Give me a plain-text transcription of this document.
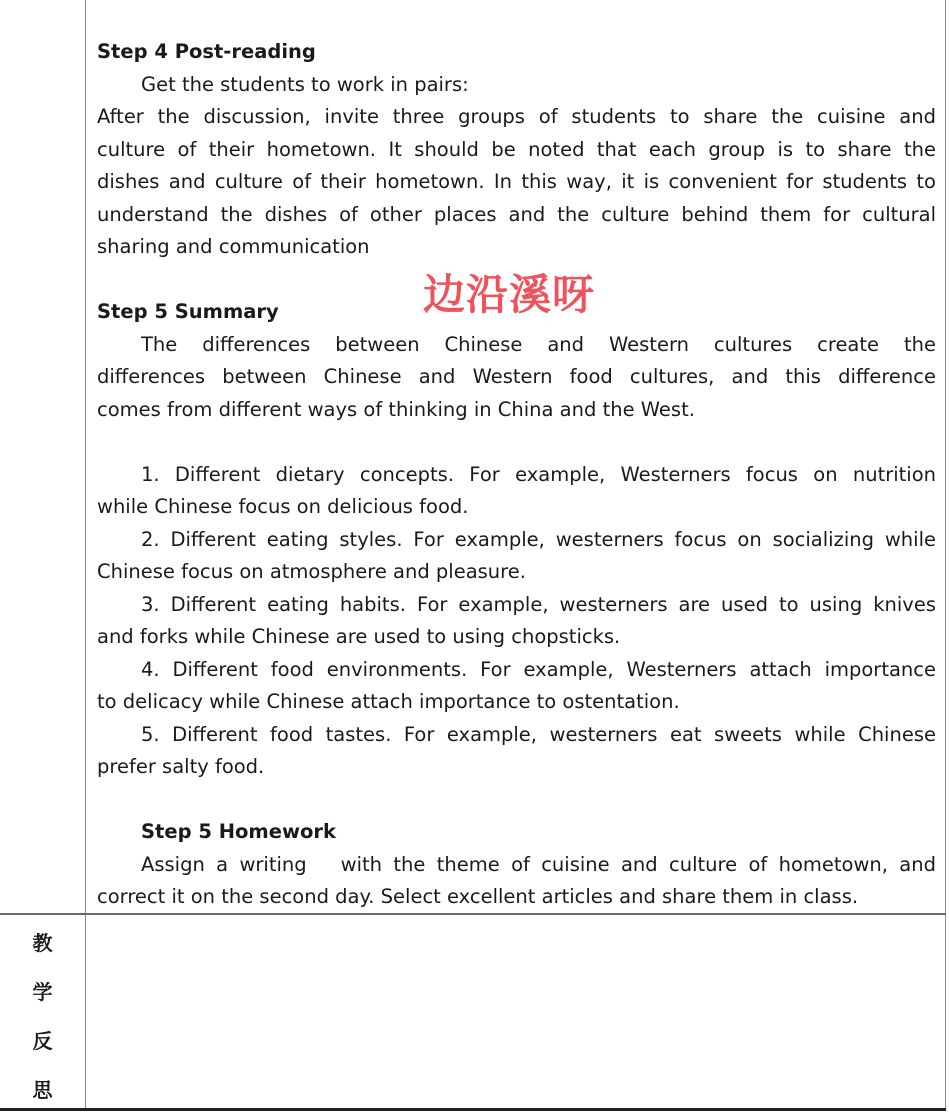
Step 4 Post-reading
Get the students to work in pairs:
After the discussion, invite three groups of students to share the cuisine and
culture of their hometown. It should be noted that each group is to share the
dishes and culture of their hometown. In this way, it is convenient for students to
understand the dishes of other places and the culture behind them for cultural
sharing and communication
Step 5 Summary
The differences between Chinese and Western cultures create the
differences between Chinese and Western food cultures, and this difference
comes from different ways of thinking in China and the West.
1. Different dietary concepts. For example, Westerners focus on nutrition
while Chinese focus on delicious food.
2. Different eating styles. For example, westerners focus on socializing while
Chinese focus on atmosphere and pleasure.
3. Different eating habits. For example, westerners are used to using knives
and forks while Chinese are used to using chopsticks.
4. Different food environments. For example, Westerners attach importance
to delicacy while Chinese attach importance to ostentation.
5. Different food tastes. For example, westerners eat sweets while Chinese
prefer salty food.
Step 5 Homework
Assign a writing   with the theme of cuisine and culture of hometown, and
correct it on the second day. Select excellent articles and share them in class.
边沿溪呀
教
学
反
思
